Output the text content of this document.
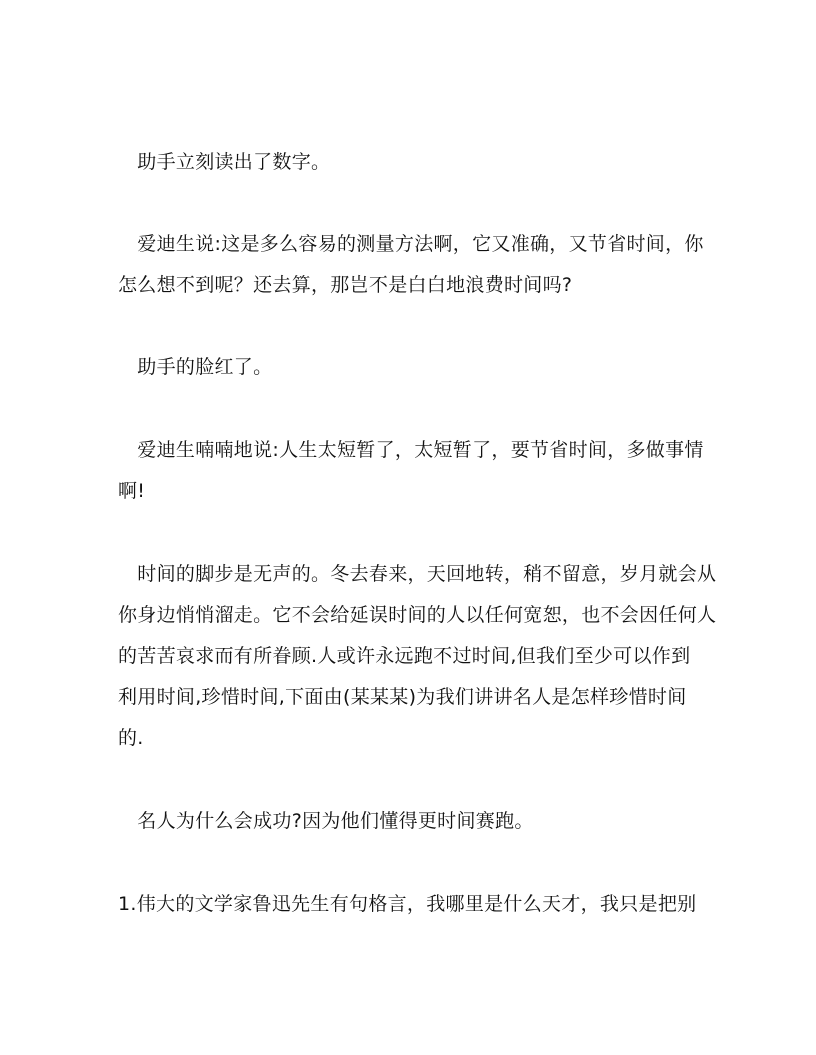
　助手立刻读出了数字。
　爱迪生说:这是多么容易的测量方法啊，它又准确，又节省时间，你
怎么想不到呢？还去算，那岂不是白白地浪费时间吗?
　助手的脸红了。
　爱迪生喃喃地说:人生太短暂了，太短暂了，要节省时间，多做事情
啊!
　时间的脚步是无声的。冬去春来，天回地转，稍不留意，岁月就会从
你身边悄悄溜走。它不会给延误时间的人以任何宽恕，也不会因任何人
的苦苦哀求而有所眷顾.人或许永远跑不过时间,但我们至少可以作到
利用时间,珍惜时间,下面由(某某某)为我们讲讲名人是怎样珍惜时间
的.
　名人为什么会成功?因为他们懂得更时间赛跑。
1.伟大的文学家鲁迅先生有句格言，我哪里是什么天才，我只是把别
